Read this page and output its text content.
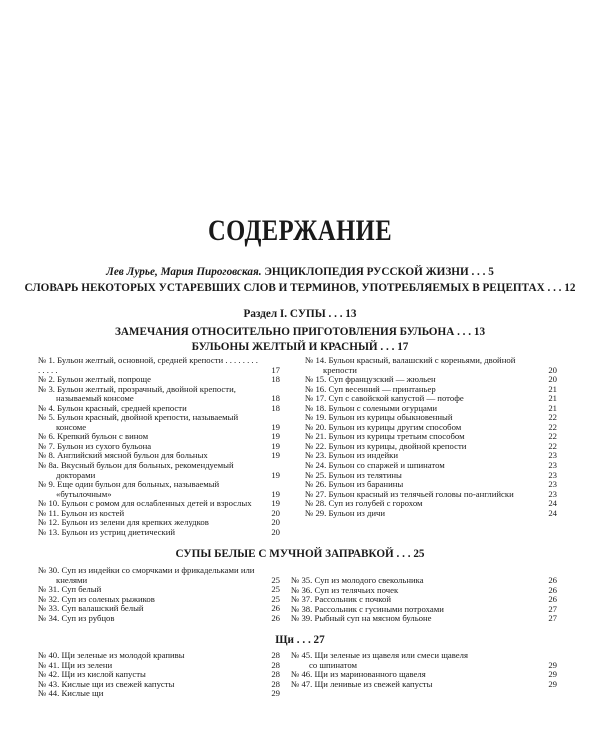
СОДЕРЖАНИЕ
Лев Лурье, Мария Пироговская. ЭНЦИКЛОПЕДИЯ РУССКОЙ ЖИЗНИ . . . 5
СЛОВАРЬ НЕКОТОРЫХ УСТАРЕВШИХ СЛОВ И ТЕРМИНОВ, УПОТРЕБЛЯЕМЫХ В РЕЦЕПТАХ . . . 12
Раздел I. СУПЫ . . . 13
ЗАМЕЧАНИЯ ОТНОСИТЕЛЬНО ПРИГОТОВЛЕНИЯ БУЛЬОНА . . . 13
БУЛЬОНЫ ЖЕЛТЫЙ И КРАСНЫЙ . . . 17
№ 1. Бульон желтый, основной, средней крепости . . . . . . . . . . . . .	17
№ 2. Бульон желтый, попроще	18
№ 3. Бульон желтый, прозрачный, двойной крепости,
называемый консоме	18
№ 4. Бульон красный, средней крепости	18
№ 5. Бульон красный, двойной крепости, называемый
консоме	19
№ 6. Крепкий бульон с вином	19
№ 7. Бульон из сухого бульона	19
№ 8. Английский мясной бульон для больных	19
№ 8а. Вкусный бульон для больных, рекомендуемый
докторами	19
№ 9. Еще один бульон для больных, называемый
«бутылочным»	19
№ 10. Бульон с ромом для ослабленных детей и взрослых	19
№ 11. Бульон из костей	20
№ 12. Бульон из зелени для крепких желудков	20
№ 13. Бульон из устриц диетический	20
№ 14. Бульон красный, валашский с кореньями, двойной
крепости	20
№ 15. Суп французский — жюльен	20
№ 16. Суп весенний — принтаньер	21
№ 17. Суп с савойской капустой — потофе	21
№ 18. Бульон с солеными огурцами	21
№ 19. Бульон из курицы обыкновенный	22
№ 20. Бульон из курицы другим способом	22
№ 21. Бульон из курицы третьим способом	22
№ 22. Бульон из курицы, двойной крепости	22
№ 23. Бульон из индейки	23
№ 24. Бульон со спаржей и шпинатом	23
№ 25. Бульон из телятины	23
№ 26. Бульон из баранины	23
№ 27. Бульон красный из телячьей головы по-английски	23
№ 28. Суп из голубей с горохом	24
№ 29. Бульон из дичи	24
СУПЫ БЕЛЫЕ С МУЧНОЙ ЗАПРАВКОЙ . . . 25
№ 30. Суп из индейки со сморчками и фрикадельками или
кнелями	25
№ 31. Суп белый	25
№ 32. Суп из соленых рыжиков	25
№ 33. Суп валашский белый	26
№ 34. Суп из рубцов	26
№ 35. Суп из молодого свекольника	26
№ 36. Суп из телячьих почек	26
№ 37. Рассольник с почкой	26
№ 38. Рассольник с гусиными потрохами	27
№ 39. Рыбный суп на мясном бульоне	27
Щи . . . 27
№ 40. Щи зеленые из молодой крапивы	28
№ 41. Щи из зелени	28
№ 42. Щи из кислой капусты	28
№ 43. Кислые щи из свежей капусты	28
№ 44. Кислые щи	29
№ 45. Щи зеленые из щавеля или смеси щавеля
со шпинатом	29
№ 46. Щи из маринованного щавеля	29
№ 47. Щи ленивые из свежей капусты	29
